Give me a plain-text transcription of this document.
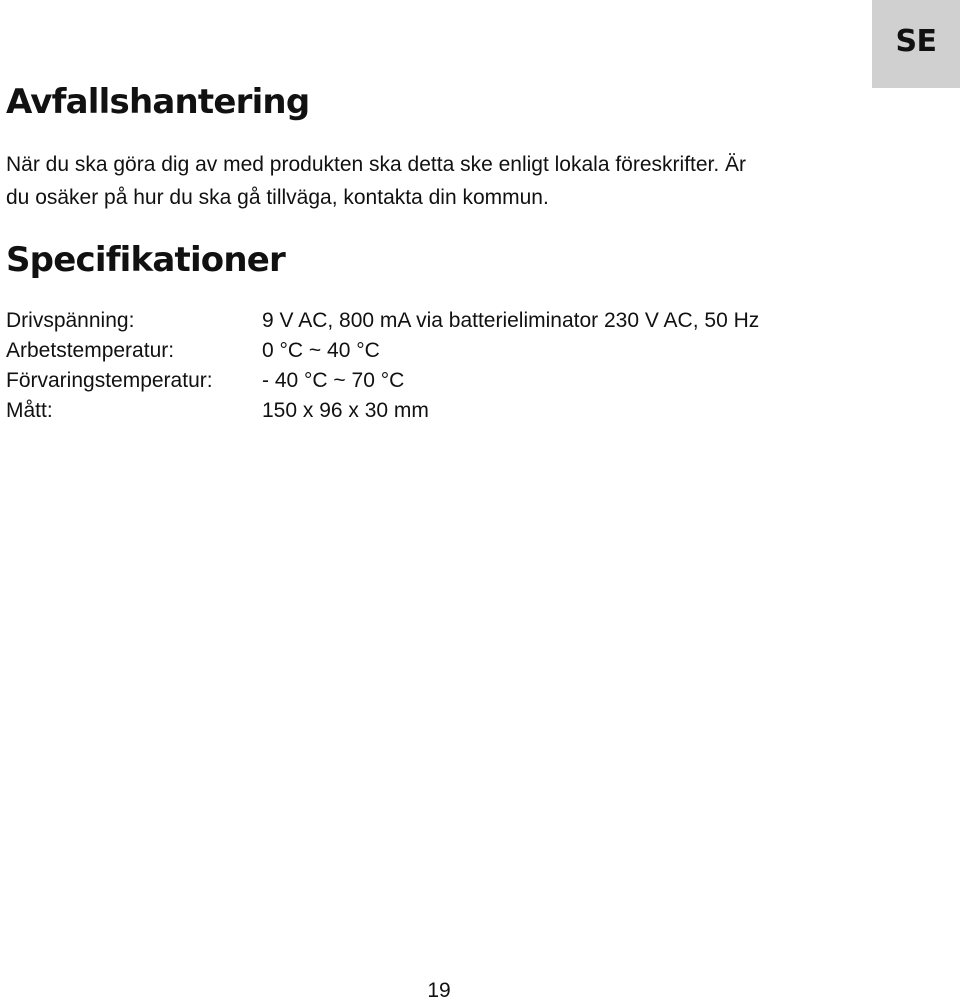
SE
Avfallshantering

När du ska göra dig av med produkten ska detta ske enligt lokala föreskrifter. Är
du osäker på hur du ska gå tillväga, kontakta din kommun.

Specifikationer
Drivspänning:	9 V AC, 800 mA via batterieliminator 230 V AC, 50 Hz
Arbetstemperatur:	0 °C ~ 40 °C
Förvaringstemperatur:	- 40 °C ~ 70 °C
Mått:	150 x 96 x 30 mm
19
